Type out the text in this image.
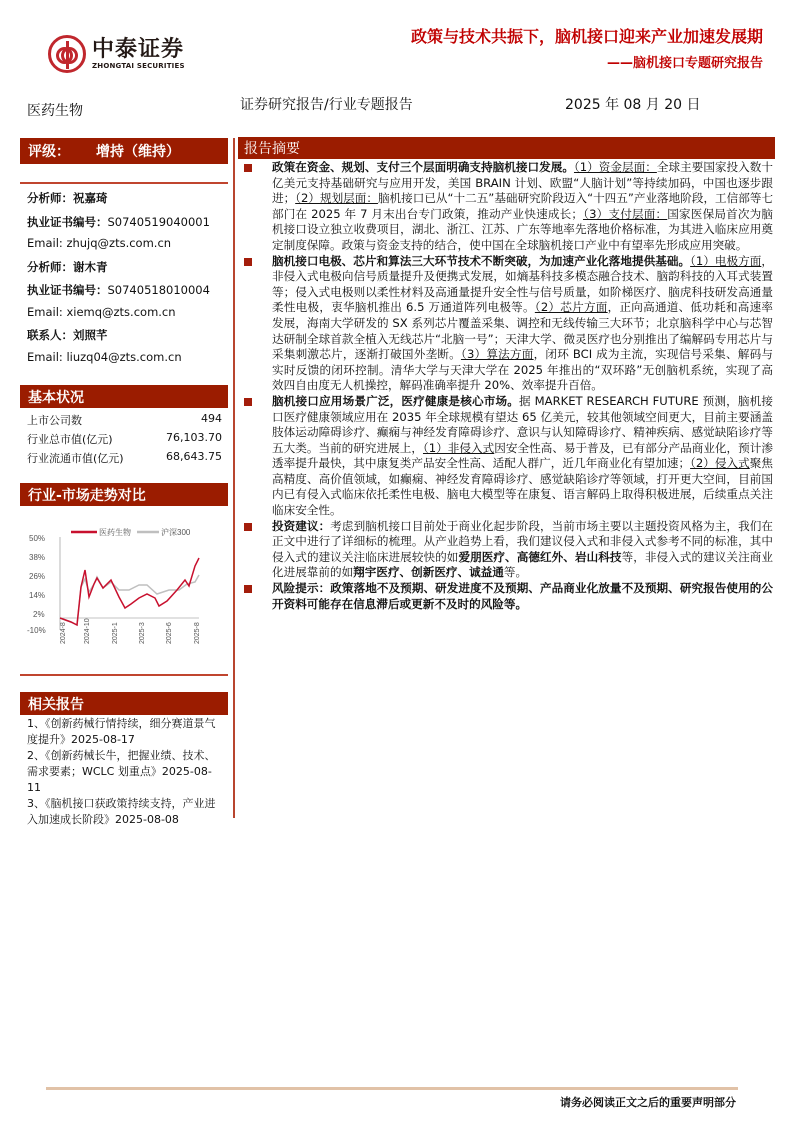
中泰证券
ZHONGTAI SECURITIES
政策与技术共振下，脑机接口迎来产业加速发展期
——脑机接口专题研究报告
医药生物	证券研究报告/行业专题报告	2025 年 08 月 20 日
评级： 增持（维持）
分析师：祝嘉琦
执业证书编号：S0740519040001
Email: zhujq@zts.com.cn
分析师：谢木青
执业证书编号：S0740518010004
Email: xiemq@zts.com.cn
联系人：刘照芊
Email: liuzq04@zts.com.cn
基本状况
上市公司数	494
行业总市值(亿元)	76,103.70
行业流通市值(亿元)	68,643.75
行业-市场走势对比
医药生物	沪深300
50%
38%
26%
14%
2%
-10% 2024-8 2024-10	2025-1	2025-3	2025-6	2025-8
相关报告
1、《创新药械行情持续，细分赛道景气度提升》2025-08-17
2、《创新药械长牛，把握业绩、技术、需求要素；WCLC 划重点》2025-08-11
3、《脑机接口获政策持续支持，产业进入加速成长阶段》2025-08-08
报告摘要
政策在资金、规划、支付三个层面明确支持脑机接口发展。（1）资金层面：全球主要国家投入数十亿美元支持基础研究与应用开发，美国 BRAIN 计划、欧盟“人脑计划”等持续加码，中国也逐步跟进；（2）规划层面：脑机接口已从“十二五”基础研究阶段迈入“十四五”产业落地阶段，工信部等七部门在 2025 年 7 月末出台专门政策，推动产业快速成长；（3）支付层面：国家医保局首次为脑机接口设立独立收费项目，湖北、浙江、江苏、广东等地率先落地价格标准，为其进入临床应用奠定制度保障。政策与资金支持的结合，使中国在全球脑机接口产业中有望率先形成应用突破。
脑机接口电极、芯片和算法三大环节技术不断突破，为加速产业化落地提供基础。（1）电极方面，非侵入式电极向信号质量提升及便携式发展，如熵基科技多模态融合技术、脑韵科技的入耳式装置等；侵入式电极则以柔性材料及高通量提升安全性与信号质量，如阶梯医疗、脑虎科技研发高通量柔性电极，衷华脑机推出 6.5 万通道阵列电极等。（2）芯片方面，正向高通道、低功耗和高速率发展，海南大学研发的 SX 系列芯片覆盖采集、调控和无线传输三大环节；北京脑科学中心与芯智达研制全球首款全植入无线芯片“北脑一号”；天津大学、微灵医疗也分别推出了编解码专用芯片与采集刺激芯片，逐渐打破国外垄断。（3）算法方面，闭环 BCI 成为主流，实现信号采集、解码与实时反馈的闭环控制。清华大学与天津大学在 2025 年推出的“双环路”无创脑机系统，实现了高效四自由度无人机操控，解码准确率提升 20%、效率提升百倍。
脑机接口应用场景广泛，医疗健康是核心市场。据 MARKET RESEARCH FUTURE 预测，脑机接口医疗健康领域应用在 2035 年全球规模有望达 65 亿美元，较其他领域空间更大，目前主要涵盖肢体运动障碍诊疗、癫痫与神经发育障碍诊疗、意识与认知障碍诊疗、精神疾病、感觉缺陷诊疗等五大类。当前的研究进展上，（1）非侵入式因安全性高、易于普及，已有部分产品商业化，预计渗透率提升最快，其中康复类产品安全性高、适配人群广，近几年商业化有望加速；（2）侵入式聚焦高精度、高价值领域，如癫痫、神经发育障碍诊疗、感觉缺陷诊疗等领域，打开更大空间，目前国内已有侵入式临床依托柔性电极、脑电大模型等在康复、语言解码上取得积极进展，后续重点关注临床安全性。
投资建议：考虑到脑机接口目前处于商业化起步阶段，当前市场主要以主题投资风格为主，我们在正文中进行了详细标的梳理。从产业趋势上看，我们建议侵入式和非侵入式参考不同的标准，其中侵入式的建议关注临床进展较快的如爱朋医疗、高德红外、岩山科技等，非侵入式的建议关注商业化进展靠前的如翔宇医疗、创新医疗、诚益通等。
风险提示：政策落地不及预期、研发进度不及预期、产品商业化放量不及预期、研究报告使用的公开资料可能存在信息滞后或更新不及时的风险等。
请务必阅读正文之后的重要声明部分
